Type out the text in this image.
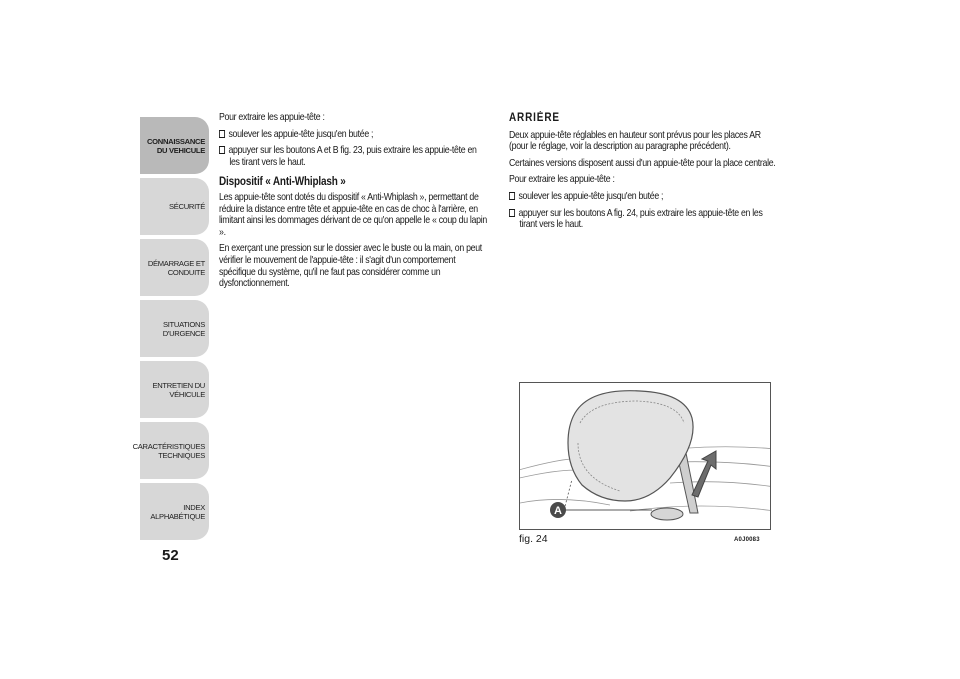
CONNAISSANCE
DU VEHICULE
SÉCURITÉ
DÉMARRAGE ET
CONDUITE
SITUATIONS
D'URGENCE
ENTRETIEN DU
VÉHICULE
CARACTÉRISTIQUES
TECHNIQUES
INDEX
ALPHABÉTIQUE
52

Pour extraire les appuie-tête :

soulever les appuie-tête jusqu'en butée ;
appuyer sur les boutons A et B fig. 23, puis extraire les appuie-tête en les tirant vers le haut.
Dispositif « Anti-Whiplash »

Les appuie-tête sont dotés du dispositif « Anti-Whiplash », permettant de réduire la distance entre tête et appuie-tête en cas de choc à l'arrière, en limitant ainsi les dommages dérivant de ce qu'on appelle le « coup du lapin ».

En exerçant une pression sur le dossier avec le buste ou la main, on peut vérifier le mouvement de l'appuie-tête : il s'agit d'un comportement spécifique du système, qu'il ne faut pas considérer comme un dysfonctionnement.

ARRIÈRE

Deux appuie-tête réglables en hauteur sont prévus pour les places AR (pour le réglage, voir la description au paragraphe précédent).

Certaines versions disposent aussi d'un appuie-tête pour la place centrale.

Pour extraire les appuie-tête :

soulever les appuie-tête jusqu'en butée ;
appuyer sur les boutons A fig. 24, puis extraire les appuie-tête en les tirant vers le haut.
A
fig. 24	A0J0083
